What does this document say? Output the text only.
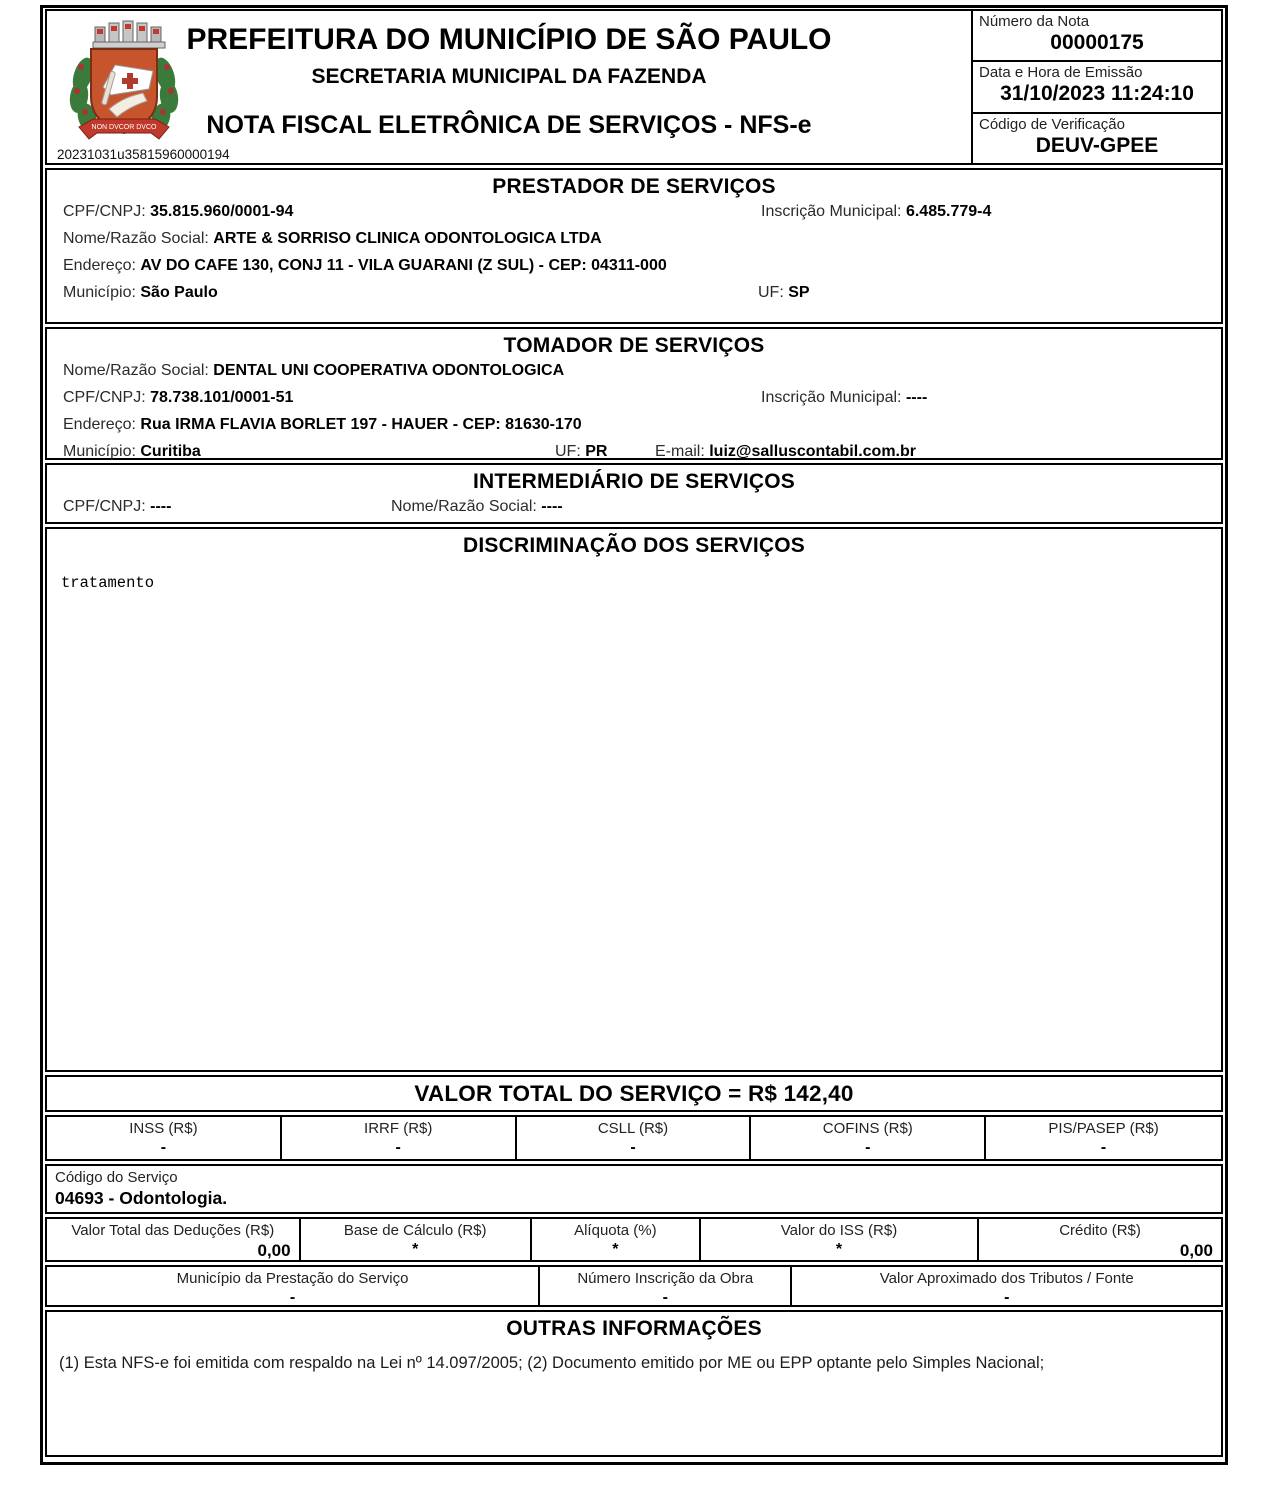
NON DVCOR DVCO
PREFEITURA DO MUNICÍPIO DE SÃO PAULO
SECRETARIA MUNICIPAL DA FAZENDA
NOTA FISCAL ELETRÔNICA DE SERVIÇOS - NFS-e
20231031u35815960000194
Número da Nota
00000175
Data e Hora de Emissão
31/10/2023 11:24:10
Código de Verificação
DEUV-GPEE
PRESTADOR DE SERVIÇOS
CPF/CNPJ: 35.815.960/0001-94	Inscrição Municipal: 6.485.779-4
Nome/Razão Social: ARTE & SORRISO CLINICA ODONTOLOGICA LTDA
Endereço: AV DO CAFE 130, CONJ 11 - VILA GUARANI (Z SUL) - CEP: 04311-000
Município: São Paulo	UF: SP
TOMADOR DE SERVIÇOS
Nome/Razão Social: DENTAL UNI COOPERATIVA ODONTOLOGICA
CPF/CNPJ: 78.738.101/0001-51	Inscrição Municipal: ----
Endereço: Rua IRMA FLAVIA BORLET 197 - HAUER - CEP: 81630-170
Município: Curitiba	UF: PR	E-mail: luiz@salluscontabil.com.br
INTERMEDIÁRIO DE SERVIÇOS
CPF/CNPJ: ----	Nome/Razão Social: ----
DISCRIMINAÇÃO DOS SERVIÇOS
tratamento
VALOR TOTAL DO SERVIÇO = R$ 142,40
INSS (R$)
-
IRRF (R$)
-
CSLL (R$)
-
COFINS (R$)
-
PIS/PASEP (R$)
-
Código do Serviço
04693 - Odontologia.
Valor Total das Deduções (R$)
0,00
Base de Cálculo (R$)
*
Alíquota (%)
*
Valor do ISS (R$)
*
Crédito (R$)
0,00
Município da Prestação do Serviço
-
Número Inscrição da Obra
-
Valor Aproximado dos Tributos / Fonte
-
OUTRAS INFORMAÇÕES
(1) Esta NFS-e foi emitida com respaldo na Lei nº 14.097/2005; (2) Documento emitido por ME ou EPP optante pelo Simples Nacional;
